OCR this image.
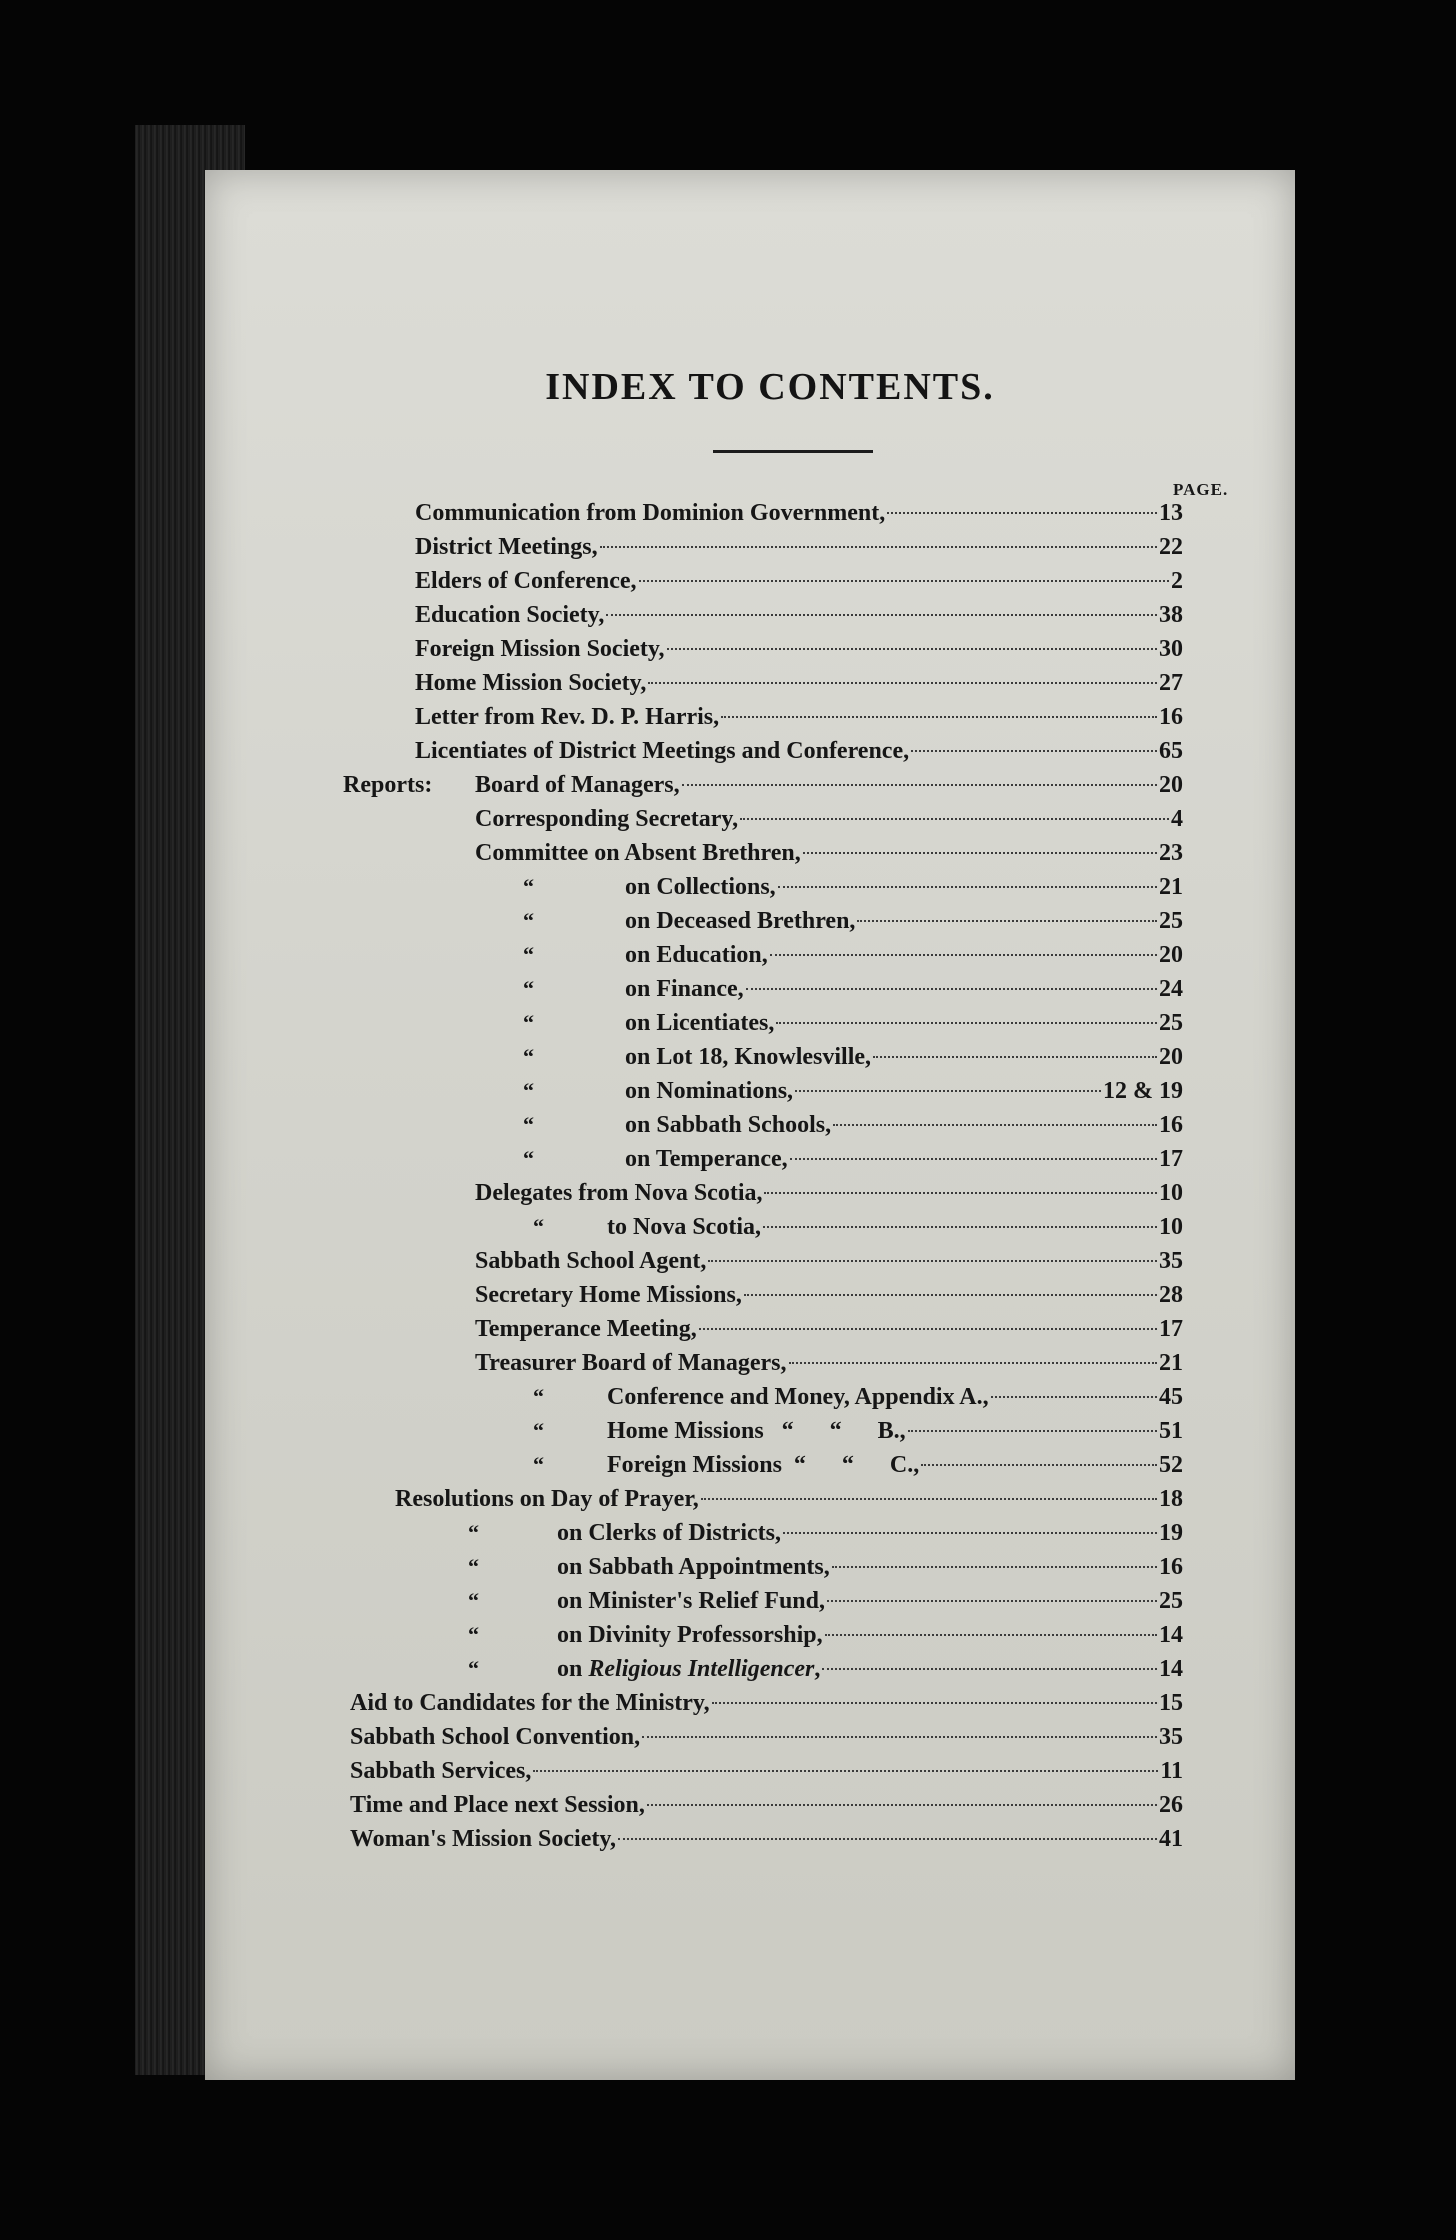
INDEX TO CONTENTS.
PAGE.
Communication from Dominion Government,	13
District Meetings,	22
Elders of Conference,	2
Education Society,	38
Foreign Mission Society,	30
Home Mission Society,	27
Letter from Rev. D. P. Harris,	16
Licentiates of District Meetings and Conference,	65
Reports: Board of Managers,	20
Corresponding Secretary,	4
Committee on Absent Brethren,	23
“	on Collections,	21
“	on Deceased Brethren,	25
“	on Education,	20
“	on Finance,	24
“	on Licentiates,	25
“	on Lot 18, Knowlesville,	20
“	on Nominations,	12 & 19
“	on Sabbath Schools,	16
“	on Temperance,	17
Delegates from Nova Scotia,	10
“	to Nova Scotia,	10
Sabbath School Agent,	35
Secretary Home Missions,	28
Temperance Meeting,	17
Treasurer Board of Managers,	21
“	Conference and Money, Appendix A.,	45
“	Home Missions   “      “      B.,	51
“	Foreign Missions  “      “      C.,	52
Resolutions on Day of Prayer,	18
“	on Clerks of Districts,	19
“	on Sabbath Appointments,	16
“	on Minister's Relief Fund,	25
“	on Divinity Professorship,	14
“	on Religious Intelligencer,	14
Aid to Candidates for the Ministry,	15
Sabbath School Convention,	35
Sabbath Services,	11
Time and Place next Session,	26
Woman's Mission Society,	41
